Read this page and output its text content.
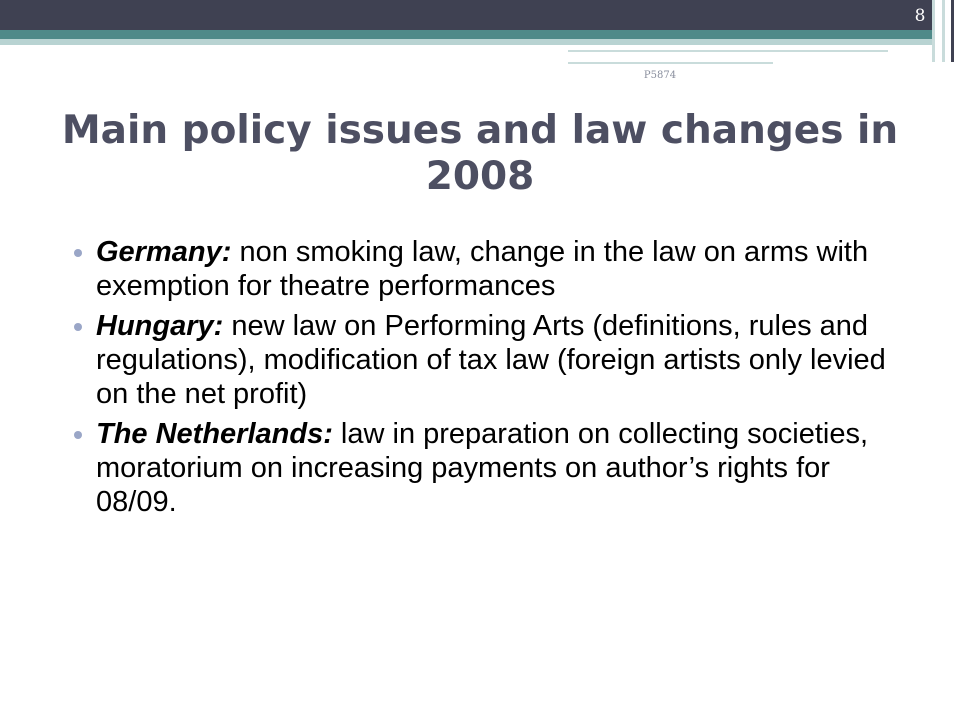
8
P5874
Main policy issues and law changes in 2008
Germany: non smoking law, change in the law on arms with exemption for theatre performances
Hungary: new law on Performing Arts (definitions, rules and regulations), modification of tax law (foreign artists only levied on the net profit)
The Netherlands: law in preparation on collecting societies, moratorium on increasing payments on author’s rights for 08/09.
